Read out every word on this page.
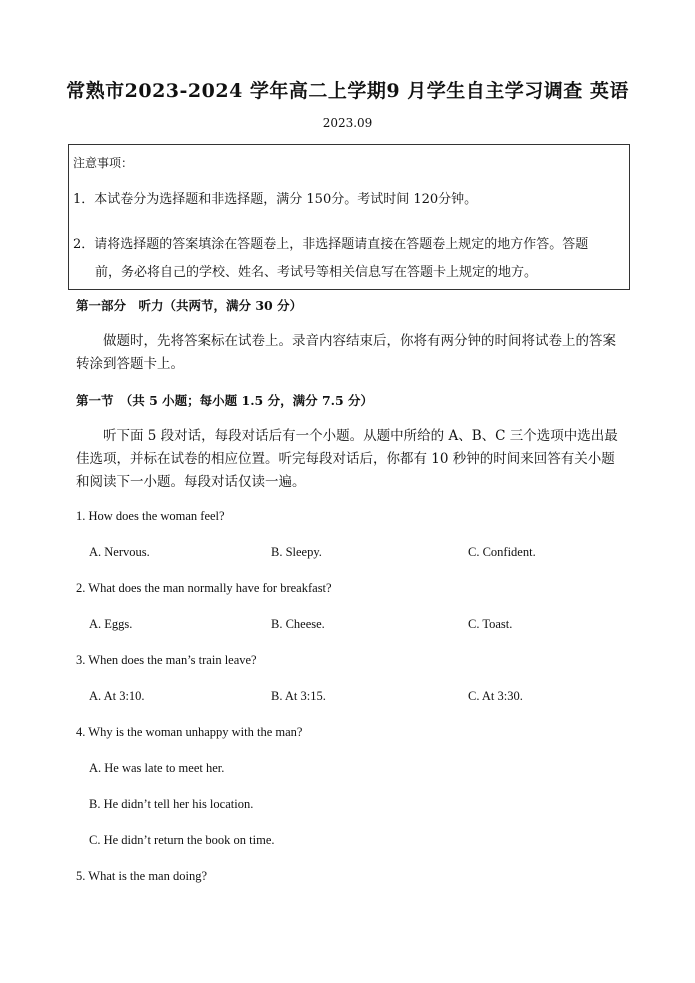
常熟市2023-2024 学年高二上学期9 月学生自主学习调查 英语
2023.09
注意事项：
1．本试卷分为选择题和非选择题，满分 150分。考试时间 120分钟。
2．请将选择题的答案填涂在答题卷上，非选择题请直接在答题卷上规定的地方作答。答题
前，务必将自己的学校、姓名、考试号等相关信息写在答题卡上规定的地方。
第一部分　听力（共两节，满分 30 分）
做题时，先将答案标在试卷上。录音内容结束后，你将有两分钟的时间将试卷上的答案转涂到答题卡上。
第一节　（共 5 小题；每小题 1.5 分，满分 7.5 分）
听下面 5 段对话，每段对话后有一个小题。从题中所给的 A、B、C 三个选项中选出最佳选项，并标在试卷的相应位置。听完每段对话后，你都有 10 秒钟的时间来回答有关小题和阅读下一小题。每段对话仅读一遍。
1. How does the woman feel?
A. Nervous.	B. Sleepy.	C. Confident.
2. What does the man normally have for breakfast?
A. Eggs.	B. Cheese.	C. Toast.
3. When does the man’s train leave?
A. At 3:10.	B. At 3:15.	C. At 3:30.
4. Why is the woman unhappy with the man?
A. He was late to meet her.
B. He didn’t tell her his location.
C. He didn’t return the book on time.
5. What is the man doing?
